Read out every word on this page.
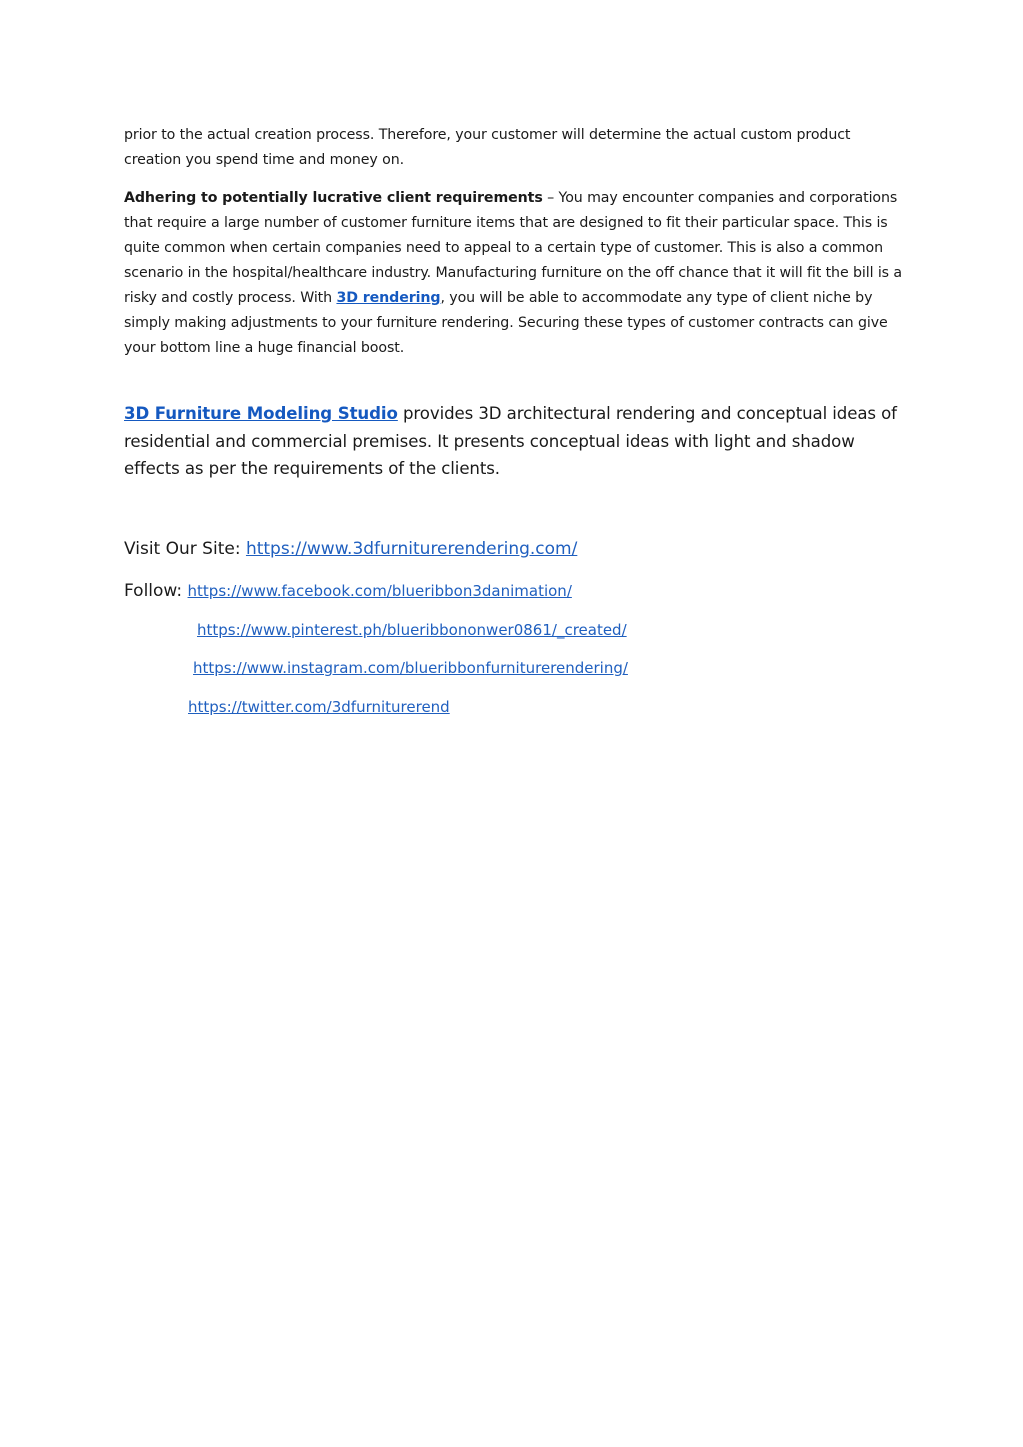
prior to the actual creation process. Therefore, your customer will determine the actual custom product creation you spend time and money on.
Adhering to potentially lucrative client requirements – You may encounter companies and corporations that require a large number of customer furniture items that are designed to fit their particular space. This is quite common when certain companies need to appeal to a certain type of customer. This is also a common scenario in the hospital/healthcare industry. Manufacturing furniture on the off chance that it will fit the bill is a risky and costly process. With 3D rendering, you will be able to accommodate any type of client niche by simply making adjustments to your furniture rendering. Securing these types of customer contracts can give your bottom line a huge financial boost.
3D Furniture Modeling Studio provides 3D architectural rendering and conceptual ideas of residential and commercial premises. It presents conceptual ideas with light and shadow effects as per the requirements of the clients.
Visit Our Site: https://www.3dfurniturerendering.com/
Follow: https://www.facebook.com/blueribbon3danimation/
https://www.pinterest.ph/blueribbononwer0861/_created/
https://www.instagram.com/blueribbonfurniturerendering/
https://twitter.com/3dfurniturerend
